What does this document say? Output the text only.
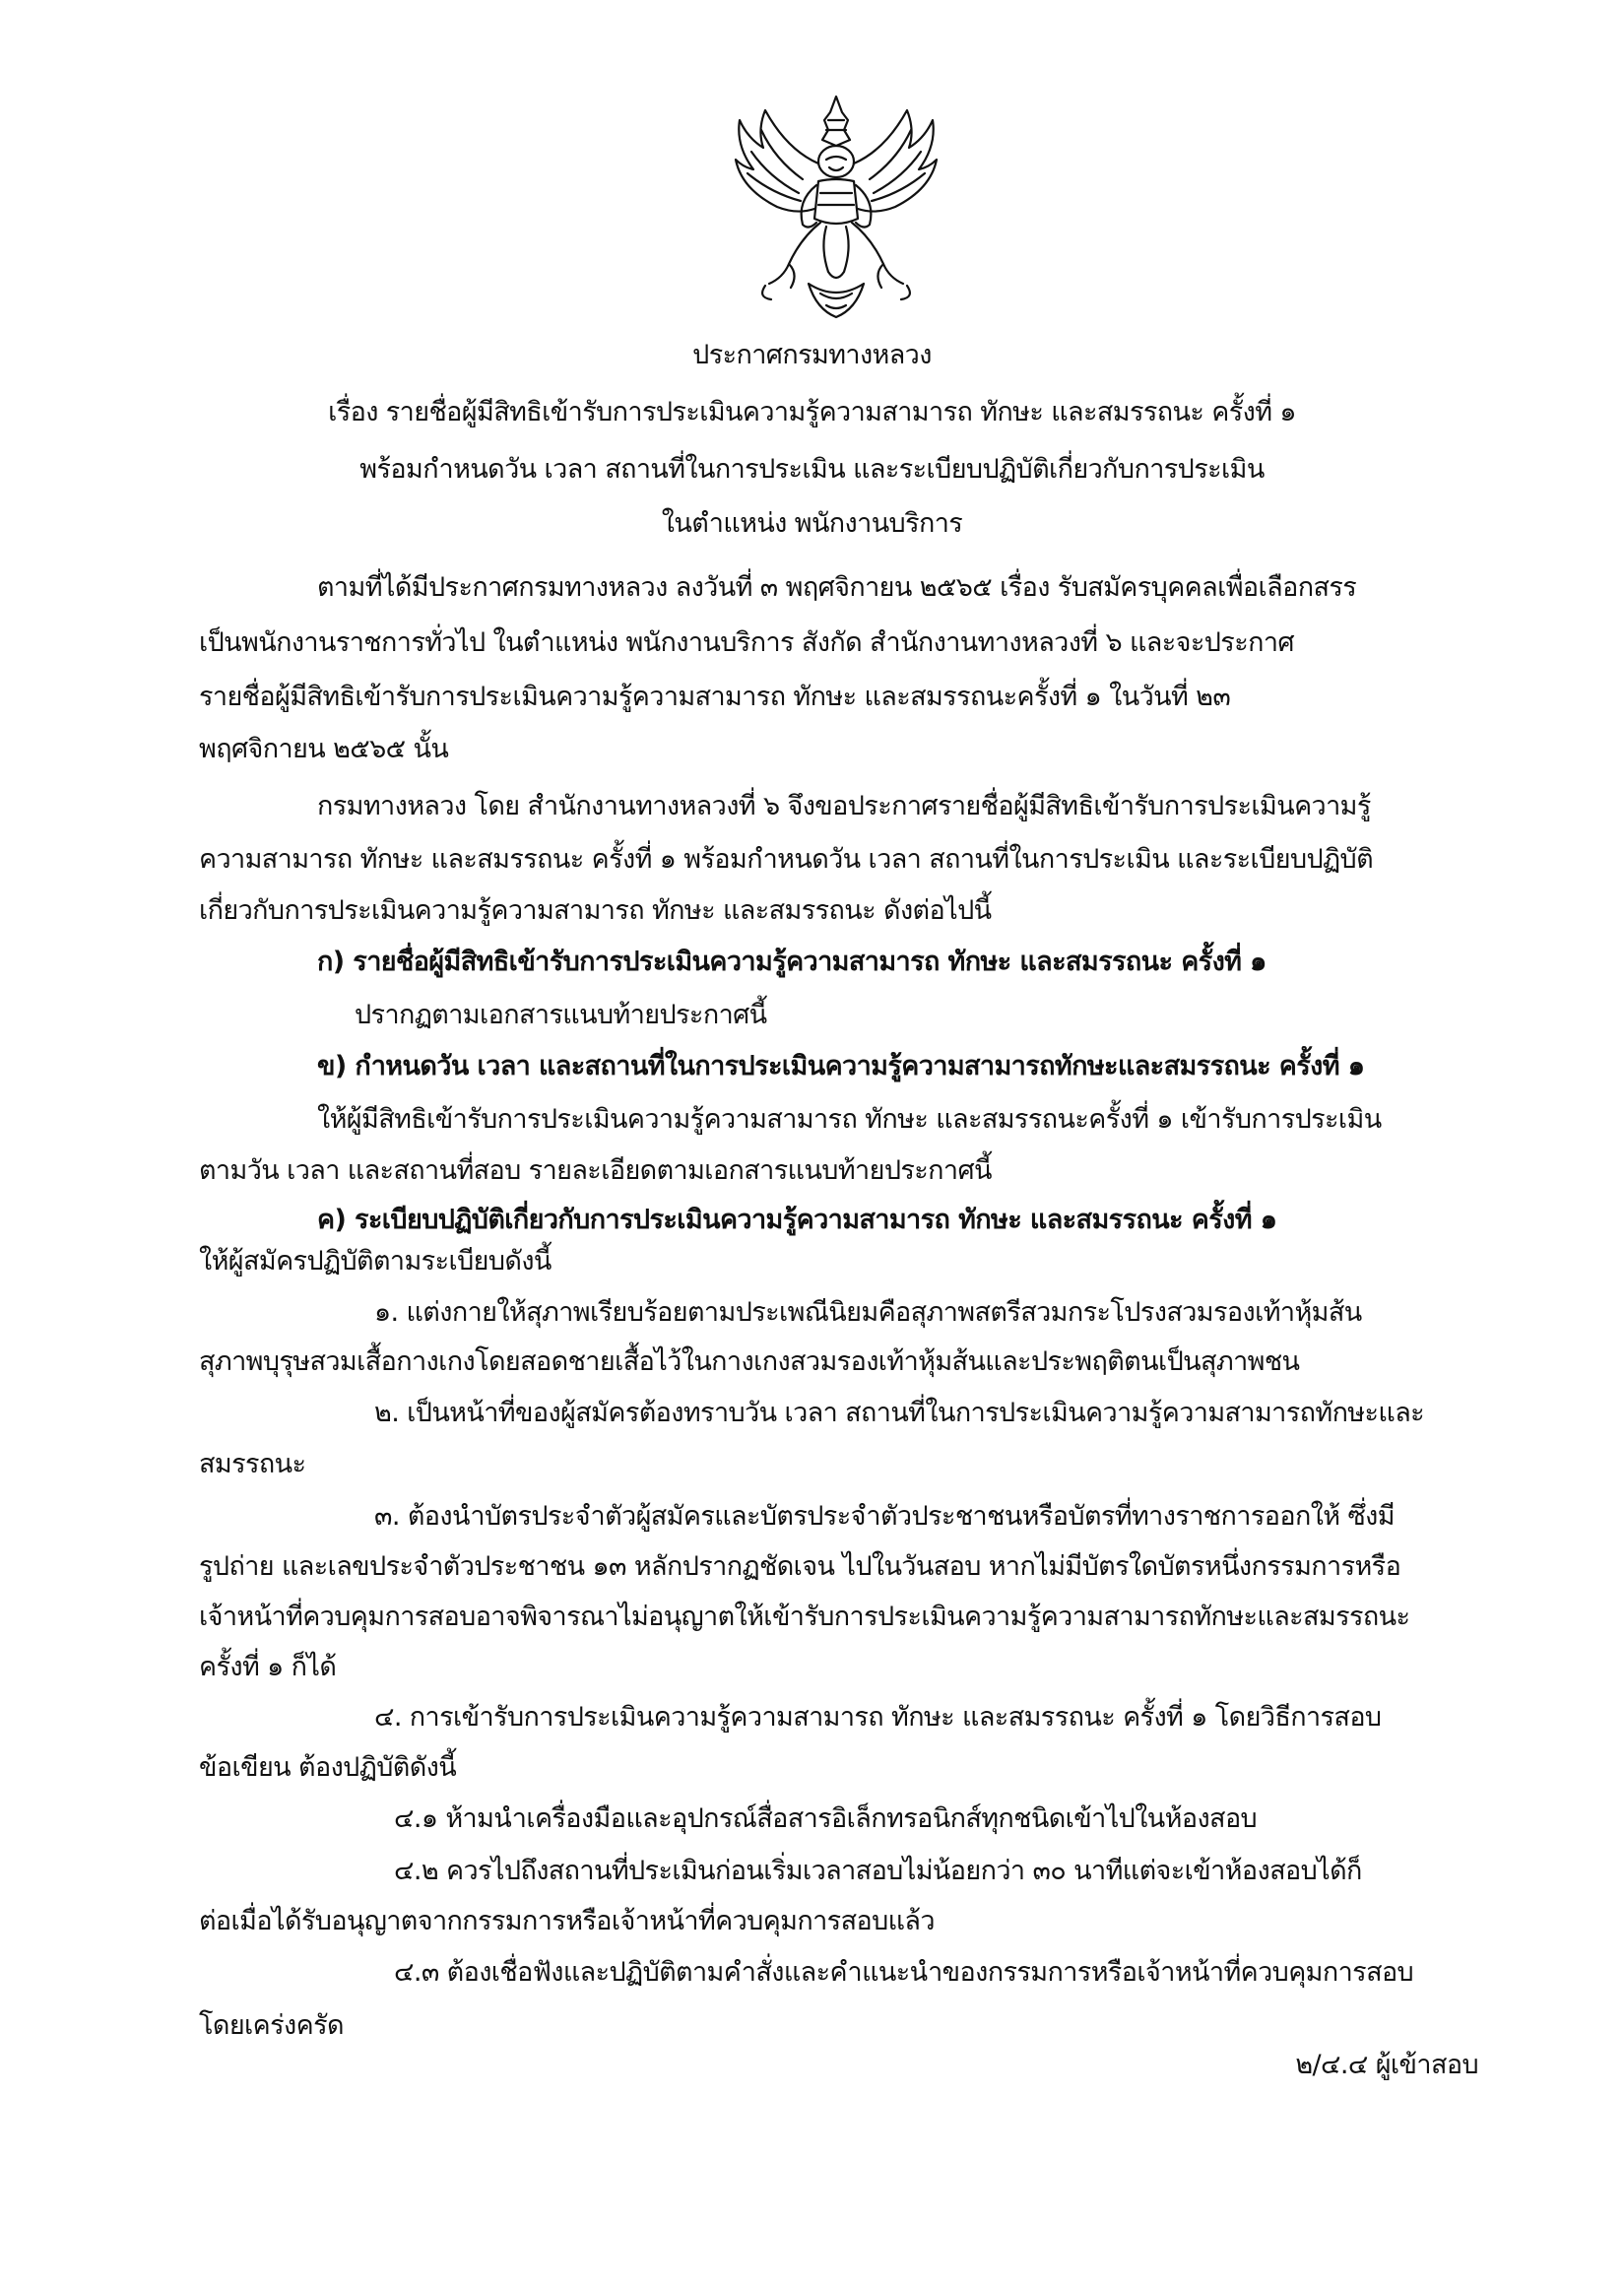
ประกาศกรมทางหลวง
เรื่อง รายชื่อผู้มีสิทธิเข้ารับการประเมินความรู้ความสามารถ ทักษะ และสมรรถนะ ครั้งที่ ๑
พร้อมกำหนดวัน เวลา สถานที่ในการประเมิน และระเบียบปฏิบัติเกี่ยวกับการประเมิน
ในตำแหน่ง พนักงานบริการ
ตามที่ได้มีประกาศกรมทางหลวง ลงวันที่ ๓ พฤศจิกายน ๒๕๖๕ เรื่อง รับสมัครบุคคลเพื่อเลือกสรร
เป็นพนักงานราชการทั่วไป ในตำแหน่ง พนักงานบริการ สังกัด สำนักงานทางหลวงที่ ๖ และจะประกาศ
รายชื่อผู้มีสิทธิเข้ารับการประเมินความรู้ความสามารถ ทักษะ และสมรรถนะครั้งที่ ๑ ในวันที่ ๒๓
พฤศจิกายน ๒๕๖๕ นั้น
กรมทางหลวง โดย สำนักงานทางหลวงที่ ๖ จึงขอประกาศรายชื่อผู้มีสิทธิเข้ารับการประเมินความรู้
ความสามารถ ทักษะ และสมรรถนะ ครั้งที่ ๑ พร้อมกำหนดวัน เวลา สถานที่ในการประเมิน และระเบียบปฏิบัติ
เกี่ยวกับการประเมินความรู้ความสามารถ ทักษะ และสมรรถนะ ดังต่อไปนี้
ก) รายชื่อผู้มีสิทธิเข้ารับการประเมินความรู้ความสามารถ ทักษะ และสมรรถนะ ครั้งที่ ๑
ปรากฏตามเอกสารแนบท้ายประกาศนี้
ข) กำหนดวัน เวลา และสถานที่ในการประเมินความรู้ความสามารถทักษะและสมรรถนะ ครั้งที่ ๑
ให้ผู้มีสิทธิเข้ารับการประเมินความรู้ความสามารถ ทักษะ และสมรรถนะครั้งที่ ๑ เข้ารับการประเมิน
ตามวัน เวลา และสถานที่สอบ รายละเอียดตามเอกสารแนบท้ายประกาศนี้
ค) ระเบียบปฏิบัติเกี่ยวกับการประเมินความรู้ความสามารถ ทักษะ และสมรรถนะ ครั้งที่ ๑
ให้ผู้สมัครปฏิบัติตามระเบียบดังนี้
๑. แต่งกายให้สุภาพเรียบร้อยตามประเพณีนิยมคือสุภาพสตรีสวมกระโปรงสวมรองเท้าหุ้มส้น
สุภาพบุรุษสวมเสื้อกางเกงโดยสอดชายเสื้อไว้ในกางเกงสวมรองเท้าหุ้มส้นและประพฤติตนเป็นสุภาพชน
๒. เป็นหน้าที่ของผู้สมัครต้องทราบวัน เวลา สถานที่ในการประเมินความรู้ความสามารถทักษะและ
สมรรถนะ
๓. ต้องนำบัตรประจำตัวผู้สมัครและบัตรประจำตัวประชาชนหรือบัตรที่ทางราชการออกให้ ซึ่งมี
รูปถ่าย และเลขประจำตัวประชาชน ๑๓ หลักปรากฏชัดเจน ไปในวันสอบ หากไม่มีบัตรใดบัตรหนึ่งกรรมการหรือ
เจ้าหน้าที่ควบคุมการสอบอาจพิจารณาไม่อนุญาตให้เข้ารับการประเมินความรู้ความสามารถทักษะและสมรรถนะ
ครั้งที่ ๑ ก็ได้
๔. การเข้ารับการประเมินความรู้ความสามารถ ทักษะ และสมรรถนะ ครั้งที่ ๑ โดยวิธีการสอบ
ข้อเขียน ต้องปฏิบัติดังนี้
๔.๑ ห้ามนำเครื่องมือและอุปกรณ์สื่อสารอิเล็กทรอนิกส์ทุกชนิดเข้าไปในห้องสอบ
๔.๒ ควรไปถึงสถานที่ประเมินก่อนเริ่มเวลาสอบไม่น้อยกว่า ๓๐ นาทีแต่จะเข้าห้องสอบได้ก็
ต่อเมื่อได้รับอนุญาตจากกรรมการหรือเจ้าหน้าที่ควบคุมการสอบแล้ว
๔.๓ ต้องเชื่อฟังและปฏิบัติตามคำสั่งและคำแนะนำของกรรมการหรือเจ้าหน้าที่ควบคุมการสอบ
โดยเคร่งครัด
๒/๔.๔ ผู้เข้าสอบ
